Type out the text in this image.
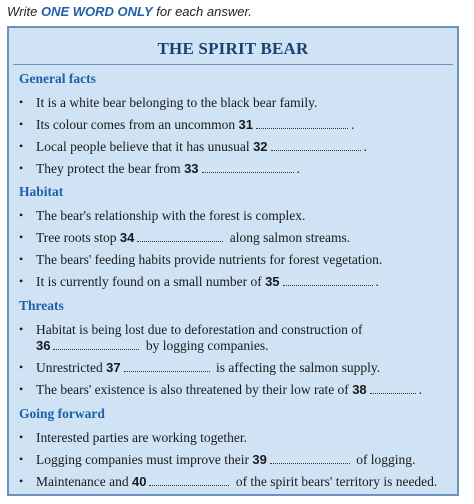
Write ONE WORD ONLY for each answer.
THE SPIRIT BEAR
General facts
• It is a white bear belonging to the black bear family.
• Its colour comes from an uncommon 31	.
• Local people believe that it has unusual 32	.
• They protect the bear from 33	.
Habitat
• The bear's relationship with the forest is complex.
• Tree roots stop 34	along salmon streams.
• The bears' feeding habits provide nutrients for forest vegetation.
• It is currently found on a small number of 35	.
Threats
• Habitat is being lost due to deforestation and construction of
36	by logging companies.
• Unrestricted 37	is affecting the salmon supply.
• The bears' existence is also threatened by their low rate of 38	.
Going forward
• Interested parties are working together.
• Logging companies must improve their 39	of logging.
• Maintenance and 40	of the spirit bears' territory is needed.
